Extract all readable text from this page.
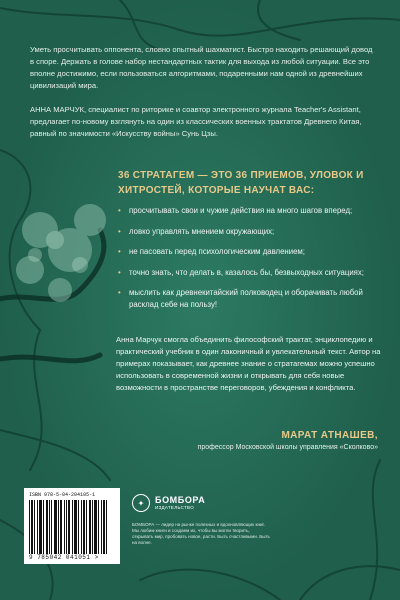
Уметь просчитывать оппонента, словно опытный шахматист. Быстро находить решающий довод в споре. Держать в голове набор нестандартных тактик для выхода из любой ситуации. Все это вполне достижимо, если пользоваться алгоритмами, подаренными нам одной из древнейших цивилизаций мира.

АННА МАРЧУК, специалист по риторике и соавтор электронного журнала Teacher's Assistant, предлагает по-новому взглянуть на один из классических военных трактатов Древнего Китая, равный по значимости «Искусству войны» Сунь Цзы.

36 СТРАТАГЕМ — ЭТО 36 ПРИЕМОВ, УЛОВОК И ХИТРОСТЕЙ, КОТОРЫЕ НАУЧАТ ВАС:
• просчитывать свои и чужие действия на много шагов вперед;
• ловко управлять мнением окружающих;
• не пасовать перед психологическим давлением;
• точно знать, что делать в, казалось бы, безвыходных ситуациях;
• мыслить как древнекитайский полководец и оборачивать любой расклад себе на пользу!
Анна Марчук смогла объединить философский трактат, энциклопедию и практический учебник в один лаконичный и увлекательный текст. Автор на примерах показывает, как древнее знание о стратагемах можно успешно использовать в современной жизни и открывать для себя новые возможности в пространстве переговоров, убеждения и конфликта.
МАРАТ АТНАШЕВ,
профессор Московской школы управления «Сколково»
ISBN 978-5-04-204105-1
9 785042 041051 >
✦	БОМБОРА
ИЗДАТЕЛЬСТВО
БОМБОРА — лидер на рынке полезных и вдохновляющих книг. Мы любим книги и создаем их, чтобы вы могли творить, открывать мир, пробовать новое, расти. Быть счастливыми. Быть на волне.
